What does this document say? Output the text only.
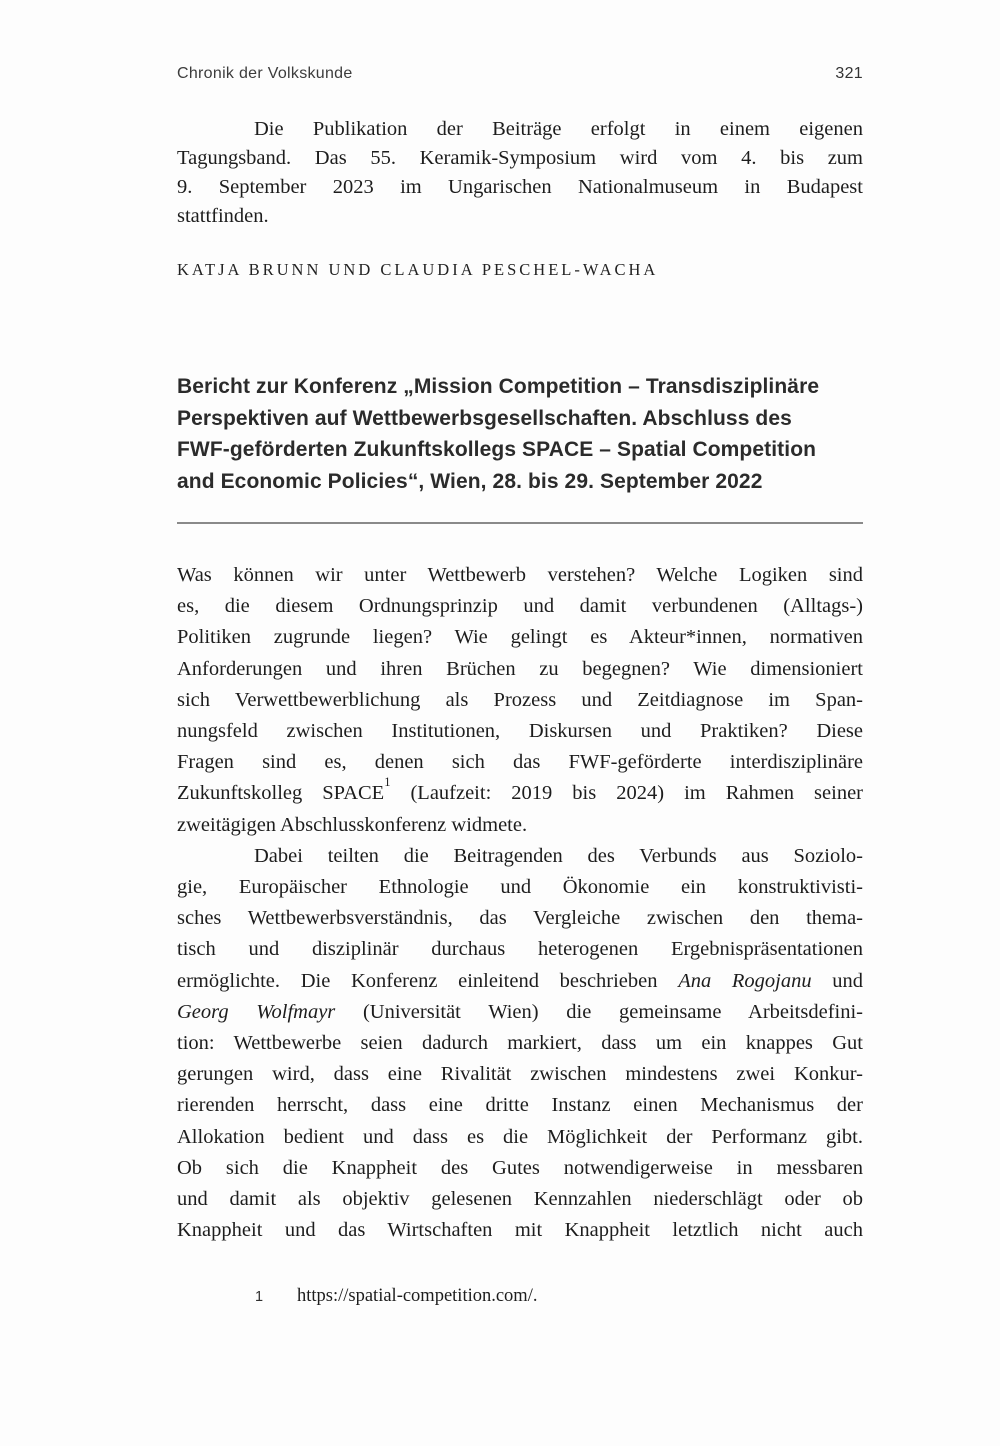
Chronik der Volkskunde	321
Die Publikation der Beiträge erfolgt in einem eigenen
Tagungsband. Das 55. Keramik-Symposium wird vom 4. bis zum
9. September 2023 im Ungarischen Nationalmuseum in Budapest
stattfinden.
KATJA BRUNN UND CLAUDIA PESCHEL-WACHA
Bericht zur Konferenz „Mission Competition – Transdisziplinäre
Perspektiven auf Wettbewerbsgesellschaften. Abschluss des
FWF-geförderten Zukunftskollegs SPACE – Spatial Competition
and Economic Policies“, Wien, 28. bis 29. September 2022
Was können wir unter Wettbewerb verstehen? Welche Logiken sind
es, die diesem Ordnungsprinzip und damit verbundenen (Alltags-)
Politiken zugrunde liegen? Wie gelingt es Akteur*innen, normativen
Anforderungen und ihren Brüchen zu begegnen? Wie dimensioniert
sich Verwettbewerblichung als Prozess und Zeitdiagnose im Span-
nungsfeld zwischen Institutionen, Diskursen und Praktiken? Diese
Fragen sind es, denen sich das FWF-geförderte interdisziplinäre
Zukunftskolleg SPACE$^1$ (Laufzeit: 2019 bis 2024) im Rahmen seiner
zweitägigen Abschlusskonferenz widmete.
Dabei teilten die Beitragenden des Verbunds aus Soziolo-
gie, Europäischer Ethnologie und Ökonomie ein konstruktivisti-
sches Wettbewerbsverständnis, das Vergleiche zwischen den thema-
tisch und disziplinär durchaus heterogenen Ergebnispräsentationen
ermöglichte. Die Konferenz einleitend beschrieben Ana Rogojanu und
Georg Wolfmayr (Universität Wien) die gemeinsame Arbeitsdefini-
tion: Wettbewerbe seien dadurch markiert, dass um ein knappes Gut
gerungen wird, dass eine Rivalität zwischen mindestens zwei Konkur-
rierenden herrscht, dass eine dritte Instanz einen Mechanismus der
Allokation bedient und dass es die Möglichkeit der Performanz gibt.
Ob sich die Knappheit des Gutes notwendigerweise in messbaren
und damit als objektiv gelesenen Kennzahlen niederschlägt oder ob
Knappheit und das Wirtschaften mit Knappheit letztlich nicht auch
1	https://spatial-competition.com/.
